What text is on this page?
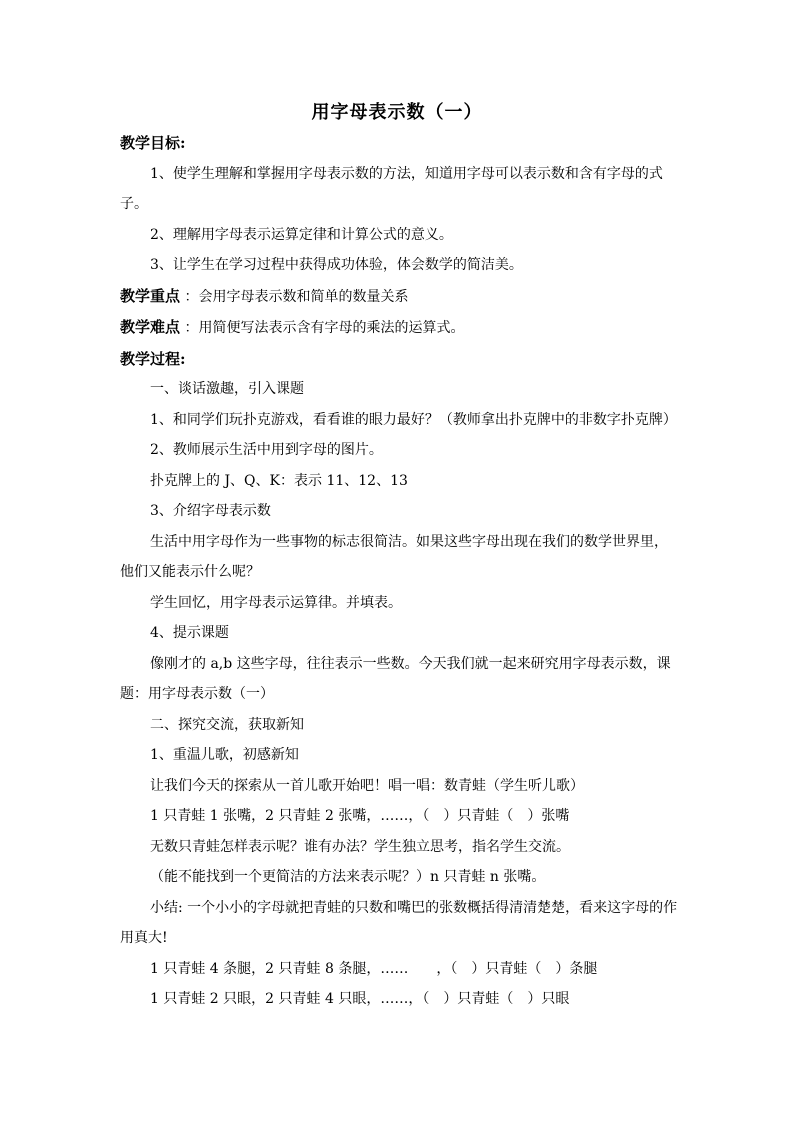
用字母表示数（一）

教学目标:

1、使学生理解和掌握用字母表示数的方法，知道用字母可以表示数和含有字母的式子。

2、理解用字母表示运算定律和计算公式的意义。

3、让学生在学习过程中获得成功体验，体会数学的简洁美。

教学重点 ：会用字母表示数和简单的数量关系

教学难点 ：用简便写法表示含有字母的乘法的运算式。

教学过程:

一、谈话激趣，引入课题

1、和同学们玩扑克游戏，看看谁的眼力最好？（教师拿出扑克牌中的非数字扑克牌）

2、教师展示生活中用到字母的图片。

扑克牌上的 J、Q、K：表示 11、12、13

3、介绍字母表示数

生活中用字母作为一些事物的标志很简洁。如果这些字母出现在我们的数学世界里，他们又能表示什么呢？

学生回忆，用字母表示运算律。并填表。

4、提示课题

像刚才的 a,b 这些字母，往往表示一些数。今天我们就一起来研究用字母表示数，课题：用字母表示数（一）

二、探究交流，获取新知

1、重温儿歌，初感新知

让我们今天的探索从一首儿歌开始吧！唱一唱：数青蛙（学生听儿歌）

1 只青蛙 1 张嘴，2 只青蛙 2 张嘴，……，（　）只青蛙（　）张嘴

无数只青蛙怎样表示呢？谁有办法？学生独立思考，指名学生交流。

（能不能找到一个更简洁的方法来表示呢？）n 只青蛙 n 张嘴。

小结: 一个小小的字母就把青蛙的只数和嘴巴的张数概括得清清楚楚，看来这字母的作用真大!

1 只青蛙 4 条腿，2 只青蛙 8 条腿，……　　，（　）只青蛙（　）条腿

1 只青蛙 2 只眼，2 只青蛙 4 只眼，……，（　）只青蛙（　）只眼
